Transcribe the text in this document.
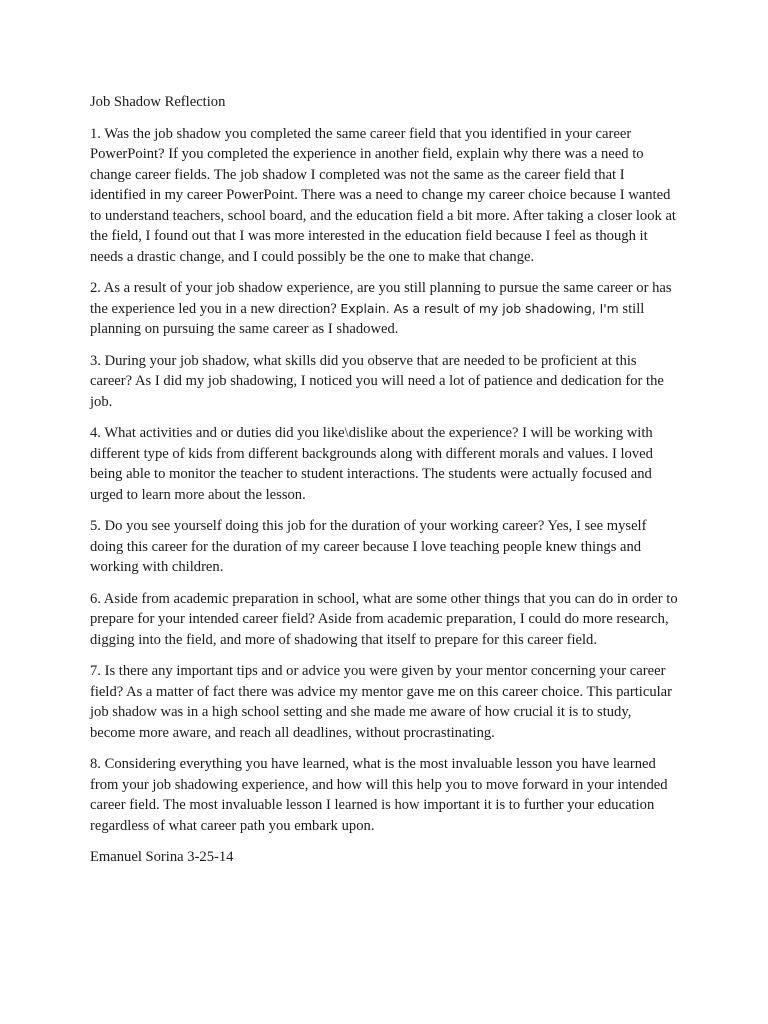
Job Shadow Reflection

1. Was the job shadow you completed the same career field that you identified in your career PowerPoint? If you completed the experience in another field, explain why there was a need to change career fields. The job shadow I completed was not the same as the career field that I identified in my career PowerPoint. There was a need to change my career choice because I wanted to understand teachers, school board, and the education field a bit more. After taking a closer look at the field, I found out that I was more interested in the education field because I feel as though it needs a drastic change, and I could possibly be the one to make that change.

2. As a result of your job shadow experience, are you still planning to pursue the same career or has the experience led you in a new direction? Explain. As a result of my job shadowing, I'm still planning on pursuing the same career as I shadowed.

3. During your job shadow, what skills did you observe that are needed to be proficient at this career? As I did my job shadowing, I noticed you will need a lot of patience and dedication for the job.

4. What activities and or duties did you like\dislike about the experience? I will be working with different type of kids from different backgrounds along with different morals and values. I loved being able to monitor the teacher to student interactions. The students were actually focused and urged to learn more about the lesson.

5. Do you see yourself doing this job for the duration of your working career? Yes, I see myself doing this career for the duration of my career because I love teaching people knew things and working with children.

6. Aside from academic preparation in school, what are some other things that you can do in order to prepare for your intended career field? Aside from academic preparation, I could do more research, digging into the field, and more of shadowing that itself to prepare for this career field.

7. Is there any important tips and or advice you were given by your mentor concerning your career field? As a matter of fact there was advice my mentor gave me on this career choice. This particular job shadow was in a high school setting and she made me aware of how crucial it is to study, become more aware, and reach all deadlines, without procrastinating.

8. Considering everything you have learned, what is the most invaluable lesson you have learned from your job shadowing experience, and how will this help you to move forward in your intended career field. The most invaluable lesson I learned is how important it is to further your education regardless of what career path you embark upon.

Emanuel Sorina 3-25-14
